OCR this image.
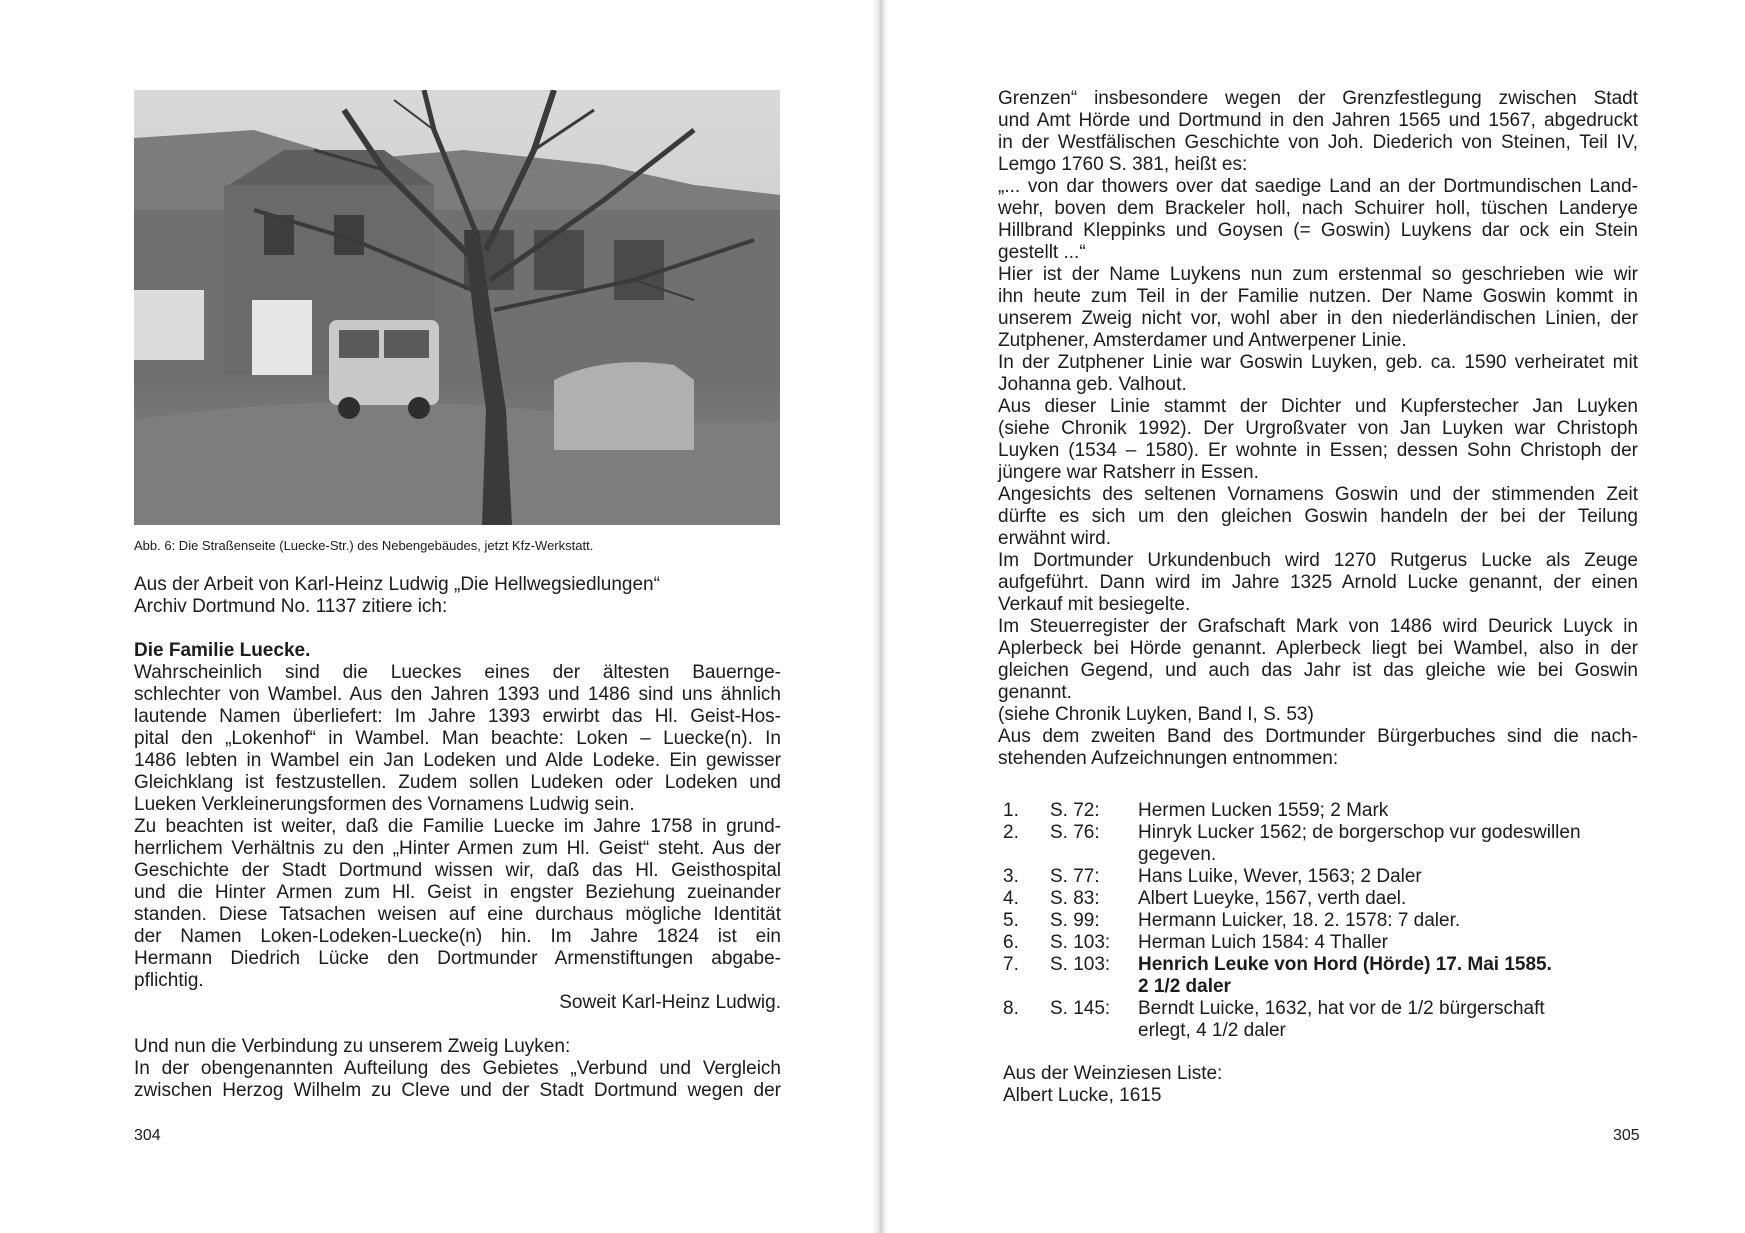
Abb. 6: Die Straßenseite (Luecke-Str.) des Nebengebäudes, jetzt Kfz-Werkstatt.
Aus der Arbeit von Karl-Heinz Ludwig „Die Hellwegsiedlungen“
Archiv Dortmund No. 1137 zitiere ich:
Die Familie Luecke.
Wahrscheinlich sind die Lueckes eines der ältesten Bauernge-
schlechter von Wambel. Aus den Jahren 1393 und 1486 sind uns ähnlich
lautende Namen überliefert: Im Jahre 1393 erwirbt das Hl. Geist-Hos-
pital den „Lokenhof“ in Wambel. Man beachte: Loken – Luecke(n). In
1486 lebten in Wambel ein Jan Lodeken und Alde Lodeke. Ein gewisser
Gleichklang ist festzustellen. Zudem sollen Ludeken oder Lodeken und
Lueken Verkleinerungsformen des Vornamens Ludwig sein.
Zu beachten ist weiter, daß die Familie Luecke im Jahre 1758 in grund-
herrlichem Verhältnis zu den „Hinter Armen zum Hl. Geist“ steht. Aus der
Geschichte der Stadt Dortmund wissen wir, daß das Hl. Geisthospital
und die Hinter Armen zum Hl. Geist in engster Beziehung zueinander
standen. Diese Tatsachen weisen auf eine durchaus mögliche Identität
der Namen Loken-Lodeken-Luecke(n) hin. Im Jahre 1824 ist ein
Hermann Diedrich Lücke den Dortmunder Armenstiftungen abgabe-
pflichtig.
Soweit Karl-Heinz Ludwig.
Und nun die Verbindung zu unserem Zweig Luyken:
In der obengenannten Aufteilung des Gebietes „Verbund und Vergleich
zwischen Herzog Wilhelm zu Cleve und der Stadt Dortmund wegen der
304
Grenzen“ insbesondere wegen der Grenzfestlegung zwischen Stadt
und Amt Hörde und Dortmund in den Jahren 1565 und 1567, abgedruckt
in der Westfälischen Geschichte von Joh. Diederich von Steinen, Teil IV,
Lemgo 1760 S. 381, heißt es:
„... von dar thowers over dat saedige Land an der Dortmundischen Land-
wehr, boven dem Brackeler holl, nach Schuirer holl, tüschen Landerye
Hillbrand Kleppinks und Goysen (= Goswin) Luykens dar ock ein Stein
gestellt ...“
Hier ist der Name Luykens nun zum erstenmal so geschrieben wie wir
ihn heute zum Teil in der Familie nutzen. Der Name Goswin kommt in
unserem Zweig nicht vor, wohl aber in den niederländischen Linien, der
Zutphener, Amsterdamer und Antwerpener Linie.
In der Zutphener Linie war Goswin Luyken, geb. ca. 1590 verheiratet mit
Johanna geb. Valhout.
Aus dieser Linie stammt der Dichter und Kupferstecher Jan Luyken
(siehe Chronik 1992). Der Urgroßvater von Jan Luyken war Christoph
Luyken (1534 – 1580). Er wohnte in Essen; dessen Sohn Christoph der
jüngere war Ratsherr in Essen.
Angesichts des seltenen Vornamens Goswin und der stimmenden Zeit
dürfte es sich um den gleichen Goswin handeln der bei der Teilung
erwähnt wird.
Im Dortmunder Urkundenbuch wird 1270 Rutgerus Lucke als Zeuge
aufgeführt. Dann wird im Jahre 1325 Arnold Lucke genannt, der einen
Verkauf mit besiegelte.
Im Steuerregister der Grafschaft Mark von 1486 wird Deurick Luyck in
Aplerbeck bei Hörde genannt. Aplerbeck liegt bei Wambel, also in der
gleichen Gegend, und auch das Jahr ist das gleiche wie bei Goswin
genannt.
(siehe Chronik Luyken, Band I, S. 53)
Aus dem zweiten Band des Dortmunder Bürgerbuches sind die nach-
stehenden Aufzeichnungen entnommen:
1. S. 72: Hermen Lucken 1559; 2 Mark
2. S. 76: Hinryk Lucker 1562; de borgerschop vur godeswillen
gegeven.
3. S. 77: Hans Luike, Wever, 1563; 2 Daler
4. S. 83: Albert Lueyke, 1567, verth dael.
5. S. 99: Hermann Luicker, 18. 2. 1578: 7 daler.
6. S. 103: Herman Luich 1584: 4 Thaller
7. S. 103: Henrich Leuke von Hord (Hörde) 17. Mai 1585.
2 1/2 daler
8. S. 145: Berndt Luicke, 1632, hat vor de 1/2 bürgerschaft
erlegt, 4 1/2 daler
Aus der Weinziesen Liste:
Albert Lucke, 1615
305
